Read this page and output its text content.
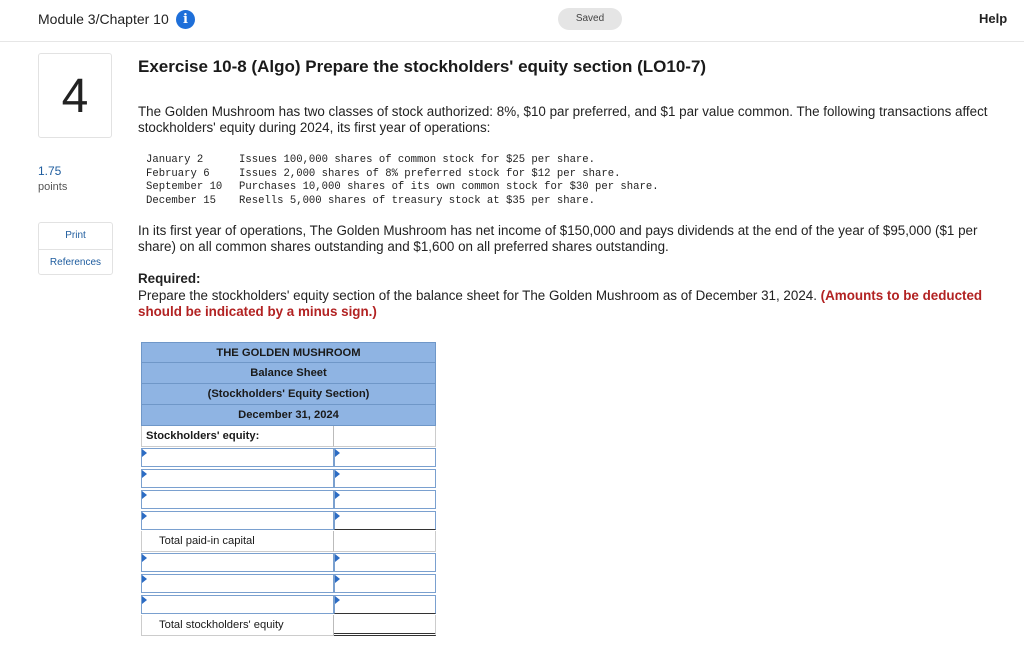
Module 3/Chapter 10	i	Saved	Help
4
1.75
points
Print
References
Exercise 10-8 (Algo) Prepare the stockholders' equity section (LO10-7)
The Golden Mushroom has two classes of stock authorized: 8%, $10 par preferred, and $1 par value common. The following transactions affect stockholders' equity during 2024, its first year of operations:
January 2	Issues 100,000 shares of common stock for $25 per share.
February 6	Issues 2,000 shares of 8% preferred stock for $12 per share.
September 10	Purchases 10,000 shares of its own common stock for $30 per share.
December 15	Resells 5,000 shares of treasury stock at $35 per share.
In its first year of operations, The Golden Mushroom has net income of $150,000 and pays dividends at the end of the year of $95,000 ($1 per share) on all common shares outstanding and $1,600 on all preferred shares outstanding.
Required:
Prepare the stockholders' equity section of the balance sheet for The Golden Mushroom as of December 31, 2024. (Amounts to be deducted should be indicated by a minus sign.)
THE GOLDEN MUSHROOM
Balance Sheet
(Stockholders' Equity Section)
December 31, 2024
Stockholders' equity:
Total paid-in capital
Total stockholders' equity
